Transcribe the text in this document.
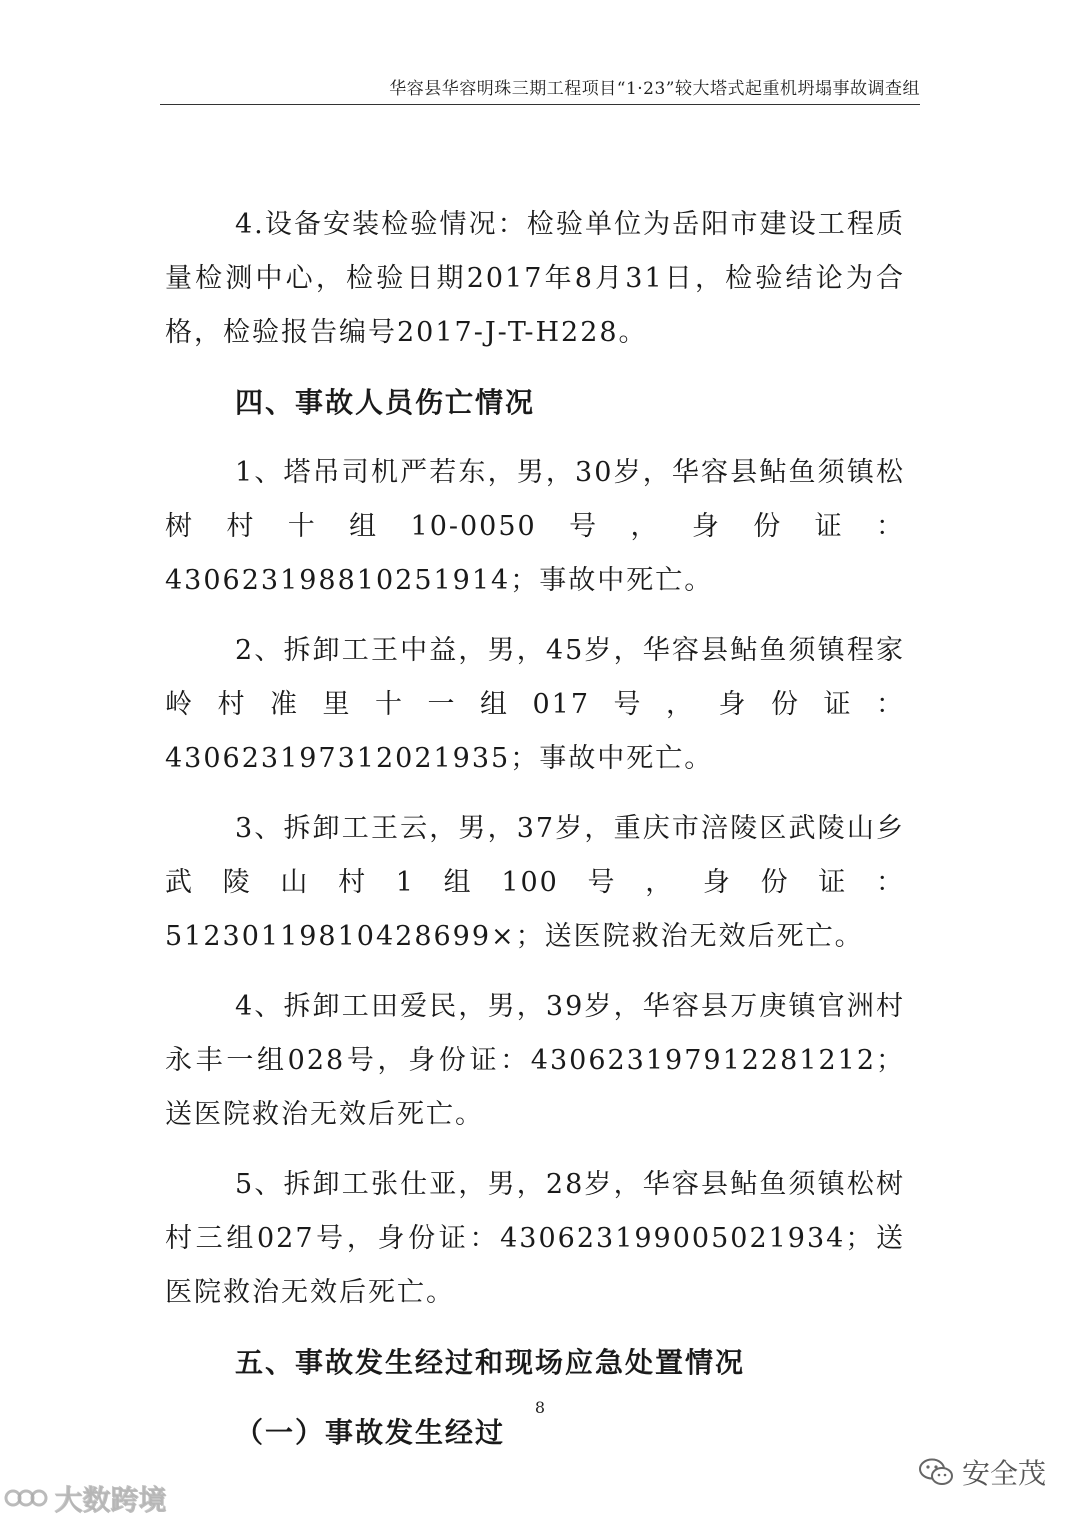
华容县华容明珠三期工程项目“1·23”较大塔式起重机坍塌事故调查组

4.设备安装检验情况：检验单位为岳阳市建设工程质量检测中心，检验日期2017年8月31日，检验结论为合格，检验报告编号2017-J-T-H228。

四、事故人员伤亡情况

1、塔吊司机严若东，男，30岁，华容县鲇鱼须镇松树村十组10-0050号，身份证：430623198810251914；事故中死亡。

2、拆卸工王中益，男，45岁，华容县鲇鱼须镇程家岭村准里十一组017号，身份证：430623197312021935；事故中死亡。

3、拆卸工王云，男，37岁，重庆市涪陵区武陵山乡武陵山村1组100号，身份证：51230119810428699×；送医院救治无效后死亡。

4、拆卸工田爱民，男，39岁，华容县万庚镇官洲村永丰一组028号，身份证：430623197912281212；送医院救治无效后死亡。

5、拆卸工张仕亚，男，28岁，华容县鲇鱼须镇松树村三组027号，身份证：430623199005021934；送医院救治无效后死亡。

五、事故发生经过和现场应急处置情况

（一）事故发生经过

8
大数跨境
安全茂
